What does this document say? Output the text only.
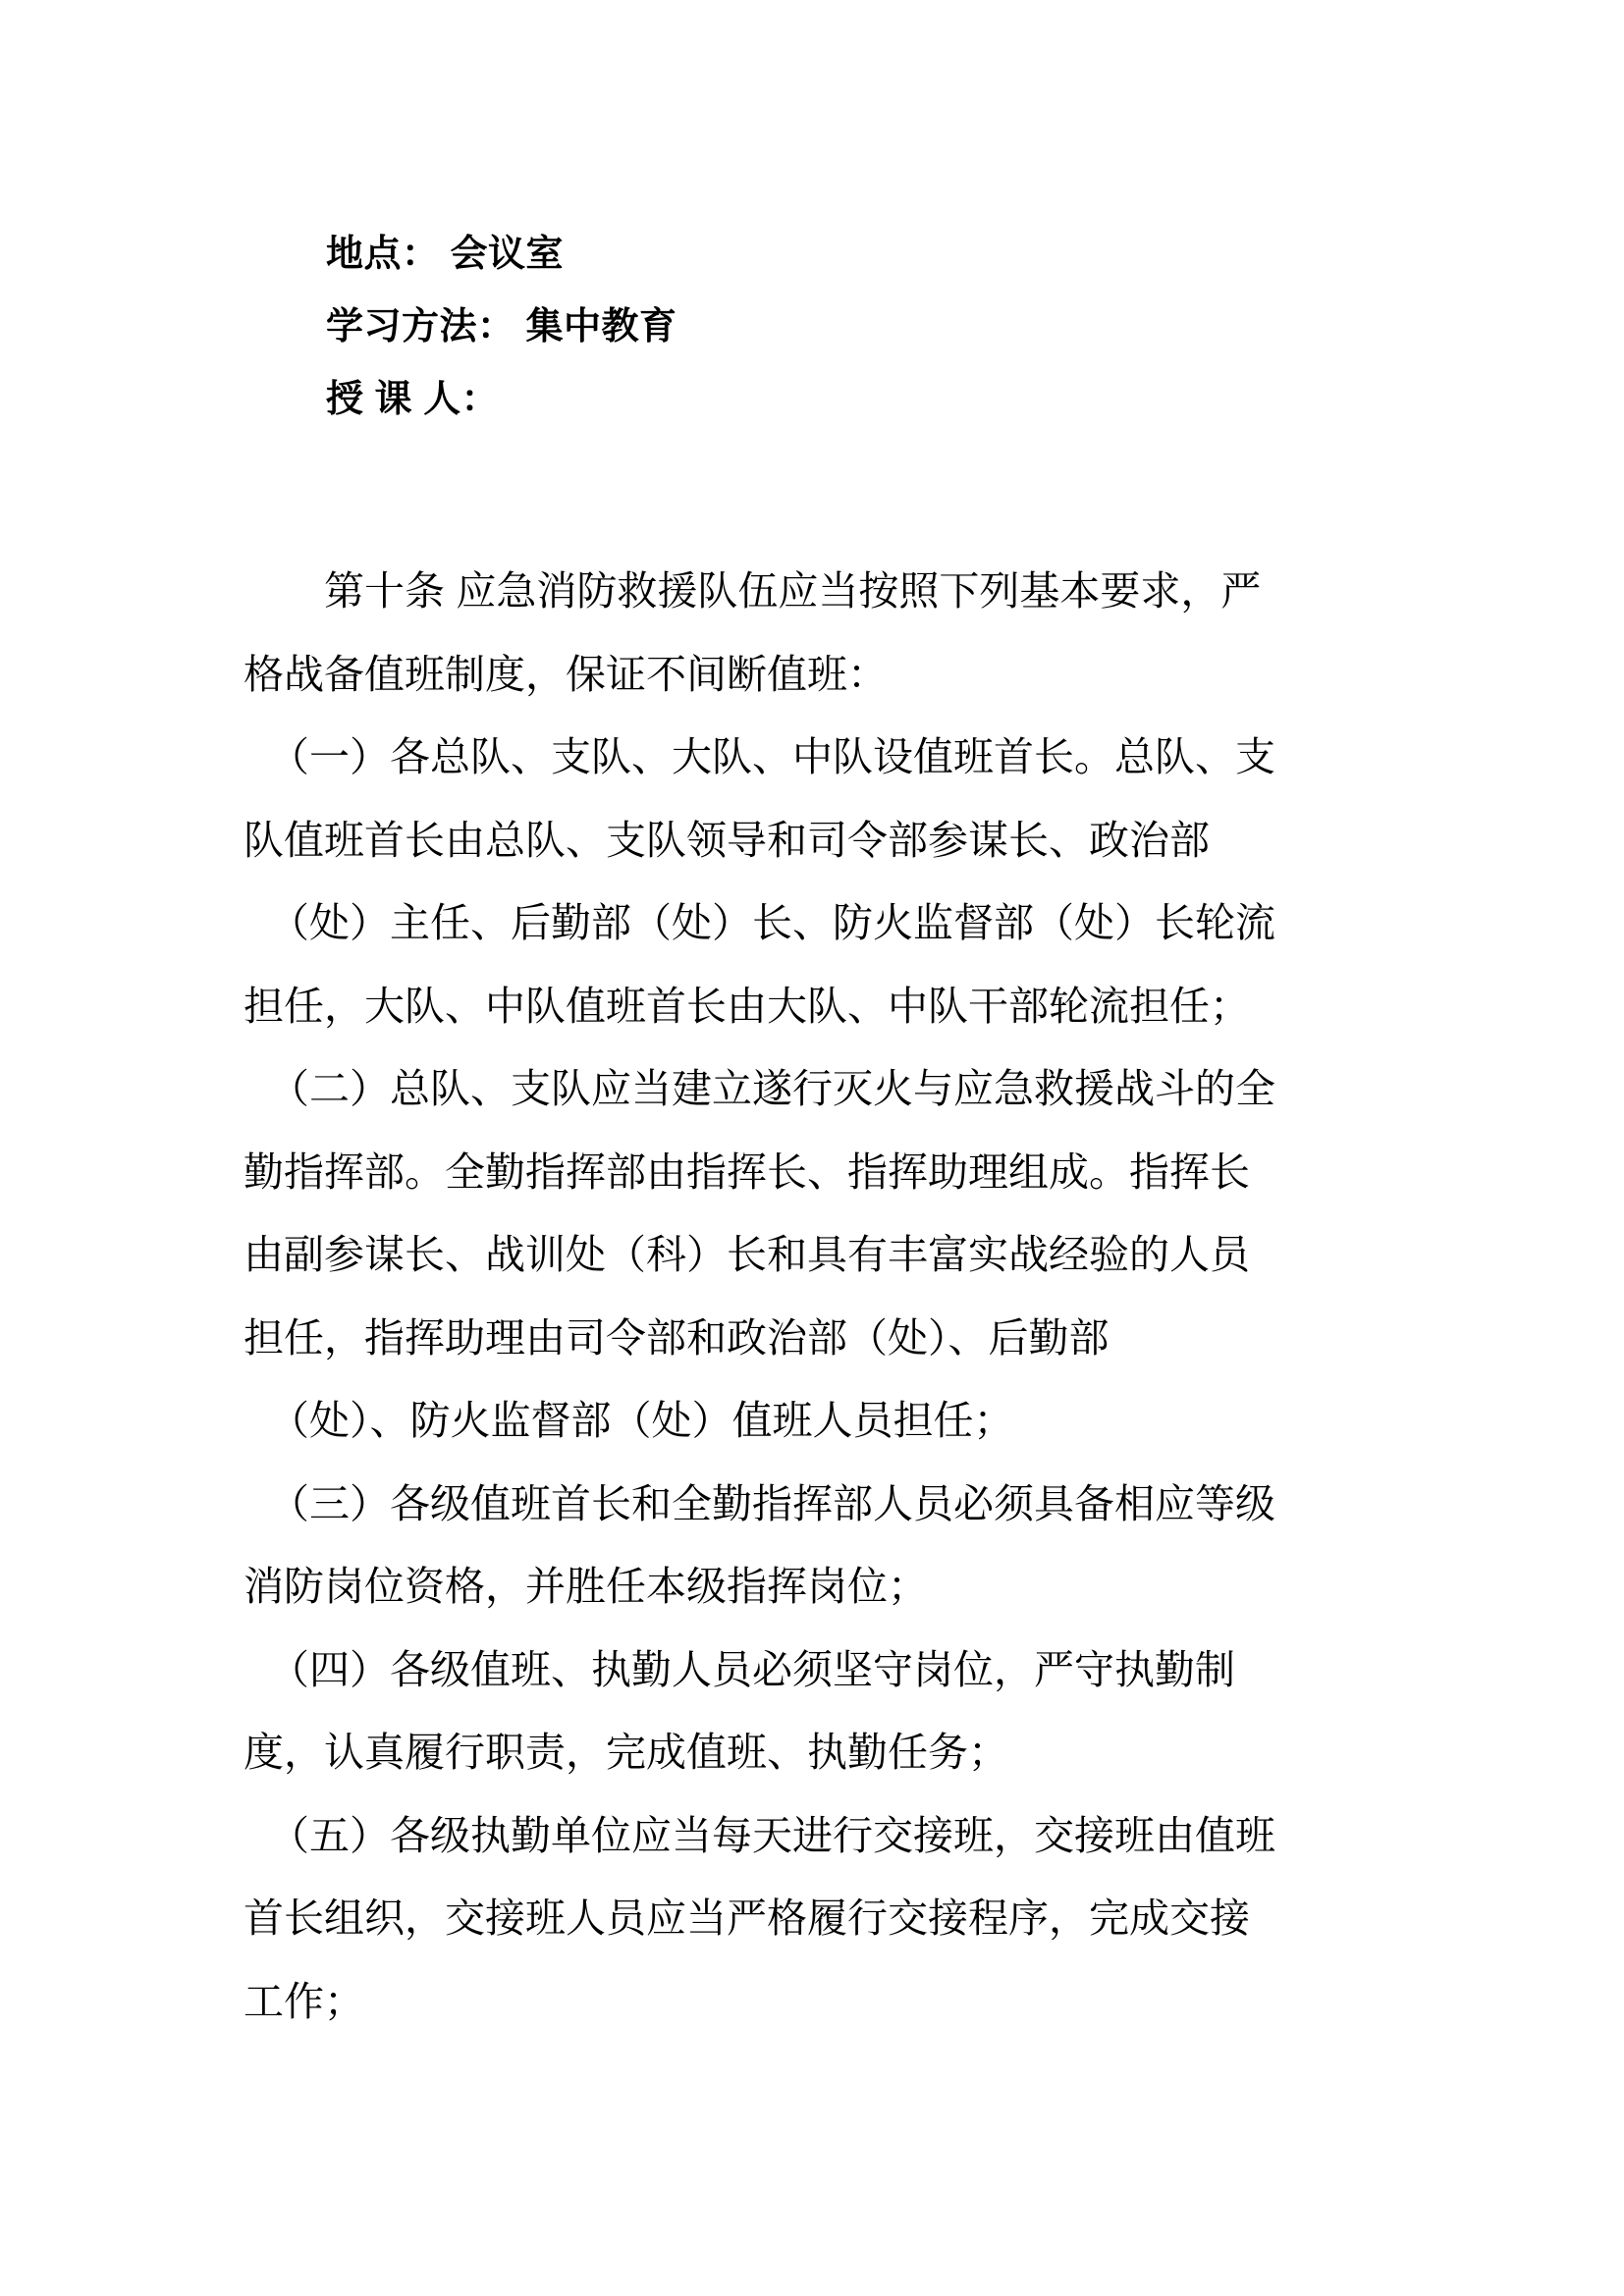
地点： 会议室
学习方法： 集中教育
授 课 人：
第十条 应急消防救援队伍应当按照下列基本要求，严
格战备值班制度，保证不间断值班：
（一）各总队、支队、大队、中队设值班首长。总队、支
队值班首长由总队、支队领导和司令部参谋长、政治部
（处）主任、后勤部（处）长、防火监督部（处）长轮流
担任，大队、中队值班首长由大队、中队干部轮流担任；
（二）总队、支队应当建立遂行灭火与应急救援战斗的全
勤指挥部。全勤指挥部由指挥长、指挥助理组成。指挥长
由副参谋长、战训处（科）长和具有丰富实战经验的人员
担任，指挥助理由司令部和政治部（处）、后勤部
（处）、防火监督部（处）值班人员担任；
（三）各级值班首长和全勤指挥部人员必须具备相应等级
消防岗位资格，并胜任本级指挥岗位；
（四）各级值班、执勤人员必须坚守岗位，严守执勤制
度，认真履行职责，完成值班、执勤任务；
（五）各级执勤单位应当每天进行交接班，交接班由值班
首长组织，交接班人员应当严格履行交接程序，完成交接
工作；
